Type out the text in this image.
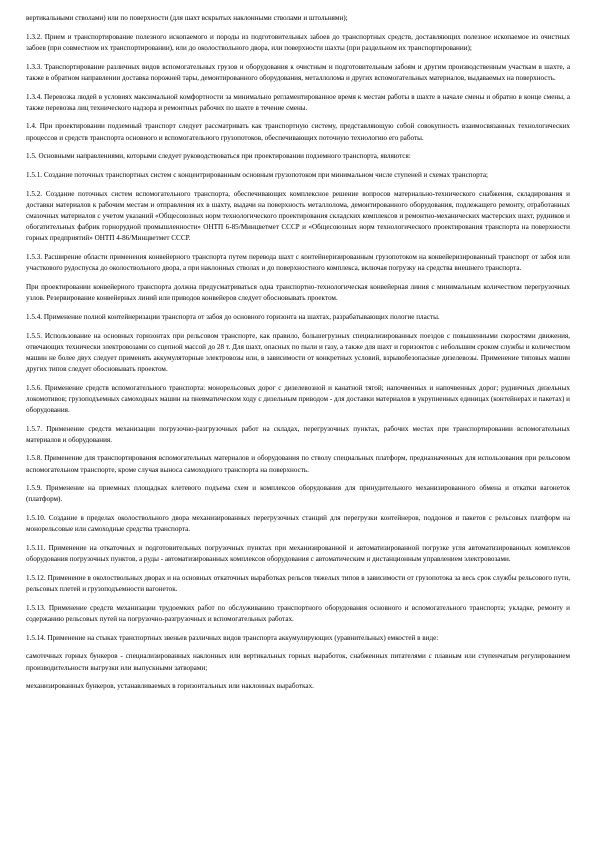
вертикальными стволами) или по поверхности (для шахт вскрытых наклонными стволами и штольнями);

1.3.2. Прием и транспортирование полезного ископаемого и породы из подготовительных забоев до транспортных средств, доставляющих полезное ископаемое из очистных забоев (при совместном их транспортировании), или до околоствольного двора, или поверхности шахты (при раздельном их транспортировании);

1.3.3. Транспортирование различных видов вспомогательных грузов и оборудования к очистным и подготовительным забоям и другим производственным участкам в шахте, а также в обратном направлении доставка порожней тары, демонтированного оборудования, металлолома и других вспомогательных материалов, выдаваемых на поверхность.

1.3.4. Перевозка людей в условиях максимальной комфортности за минимально регламентированное время к местам работы в шахте в начале смены и обратно в конце смены, а также перевозка лиц технического надзора и ремонтных рабочих по шахте в течение смены.

1.4. При проектировании подземный транспорт следует рассматривать как транспортную систему, представляющую собой совокупность взаимосвязанных технологических процессов и средств транспорта основного и вспомогательного грузопотоков, обеспечивающих поточную технологию его работы.

1.5. Основными направлениями, которыми следует руководствоваться при проектировании подземного транспорта, являются:

1.5.1. Создание поточных транспортных систем с концентрированным основным грузопотоком при минимальном числе ступеней и схемах транспорта;

1.5.2. Создание поточных систем вспомогательного транспорта, обеспечивающих комплексное решение вопросов материально-технического снабжения, складирования и доставки материалов к рабочим местам и отправления их в шахту, выдачи на поверхность металлолома, демонтированного оборудования, подлежащего ремонту, отработанных смазочных материалов с учетом указаний «Общесоюзных норм технологического проектирования складских комплексов и ремонтно-механических мастерских шахт, рудников и обогатительных фабрик горнорудной промышленности» ОНТП 6-85/Минцветмет СССР и «Общесоюзных норм технологического проектирования транспорта на поверхности горных предприятий» ОНТП 4-86/Минцветмет СССР.

1.5.3. Расширение области применения конвейерного транспорта путем перевода шахт с контейнеризированным грузопотоком на конвейеризированный транспорт от забоя или участкового рудоспуска до околоствольного двора, а при наклонных стволах и до поверхностного комплекса, включая погрузку на средства внешнего транспорта.

При проектировании конвейерного транспорта должна предусматриваться одна транспортно-технологическая конвейерная линия с минимальным количеством перегрузочных узлов. Резервирование конвейерных линий или приводов конвейеров следует обосновывать проектом.

1.5.4. Применение полной контейнеризации транспорта от забоя до основного горизонта на шахтах, разрабатывающих пологие пласты.

1.5.5. Использование на основных горизонтах при рельсовом транспорте, как правило, большегрузных специализированных поездов с повышенными скоростями движения, отвечающих технически электровозами со сцепной массой до 28 т. Для шахт, опасных по пыли и газу, а также для шахт и горизонтов с небольшим сроком службы и количеством машин не более двух следует применять аккумуляторные электровозы или, в зависимости от конкретных условий, взрывобезопасные дизелевозы. Применение типовых машин других типов следует обосновывать проектом.

1.5.6. Применение средств вспомогательного транспорта: монорельсовых дорог с дизелевозной и канатной тягой; напочвенных и напочвенных дорог; рудничных дизельных локомотивов; грузоподъемных самоходных машин на пневматическом ходу с дизельным приводом - для доставки материалов в укрупненных единицах (контейнерах и пакетах) и оборудования.

1.5.7. Применение средств механизации погрузочно-разгрузочных работ на складах, перегрузочных пунктах, рабочих местах при транспортировании вспомогательных материалов и оборудования.

1.5.8. Применение для транспортирования вспомогательных материалов и оборудования по стволу специальных платформ, предназначенных для использования при рельсовом вспомогательном транспорте, кроме случая выноса самоходного транспорта на поверхность.

1.5.9. Применение на приемных площадках клетевого подъема схем и комплексов оборудования для принудительного механизированного обмена и откатки вагонеток (платформ).

1.5.10. Создание в пределах околоствольного двора механизированных перегрузочных станций для перегрузки контейнеров, поддонов и пакетов с рельсовых платформ на монорельсовые или самоходные средства транспорта.

1.5.11. Применение на откаточных и подготовительных погрузочных пунктах при механизированной и автоматизированной погрузке угля автоматизированных комплексов оборудования погрузочных пунктов, а руды - автоматизированных комплексов оборудования с автоматическим и дистанционным управлением электровозами.

1.5.12. Применение в околоствольных дворах и на основных откаточных выработках рельсов тяжелых типов в зависимости от грузопотока за весь срок службы рельсового пути, рельсовых плетей и грузоподъемности вагонеток.

1.5.13. Применение средств механизации трудоемких работ по обслуживанию транспортного оборудования основного и вспомогательного транспорта; укладке, ремонту и содержанию рельсовых путей на погрузочно-разгрузочных и вспомогательных работах.

1.5.14. Применение на стыках транспортных звеньев различных видов транспорта аккумулирующих (уравнительных) емкостей в виде:

самотечных горных бункеров - специализированных наклонных или вертикальных горных выработок, снабженных питателями с плавным или ступенчатым регулированием производительности выгрузки или выпускными затворами;

механизированных бункеров, устанавливаемых в горизонтальных или наклонных выработках.
